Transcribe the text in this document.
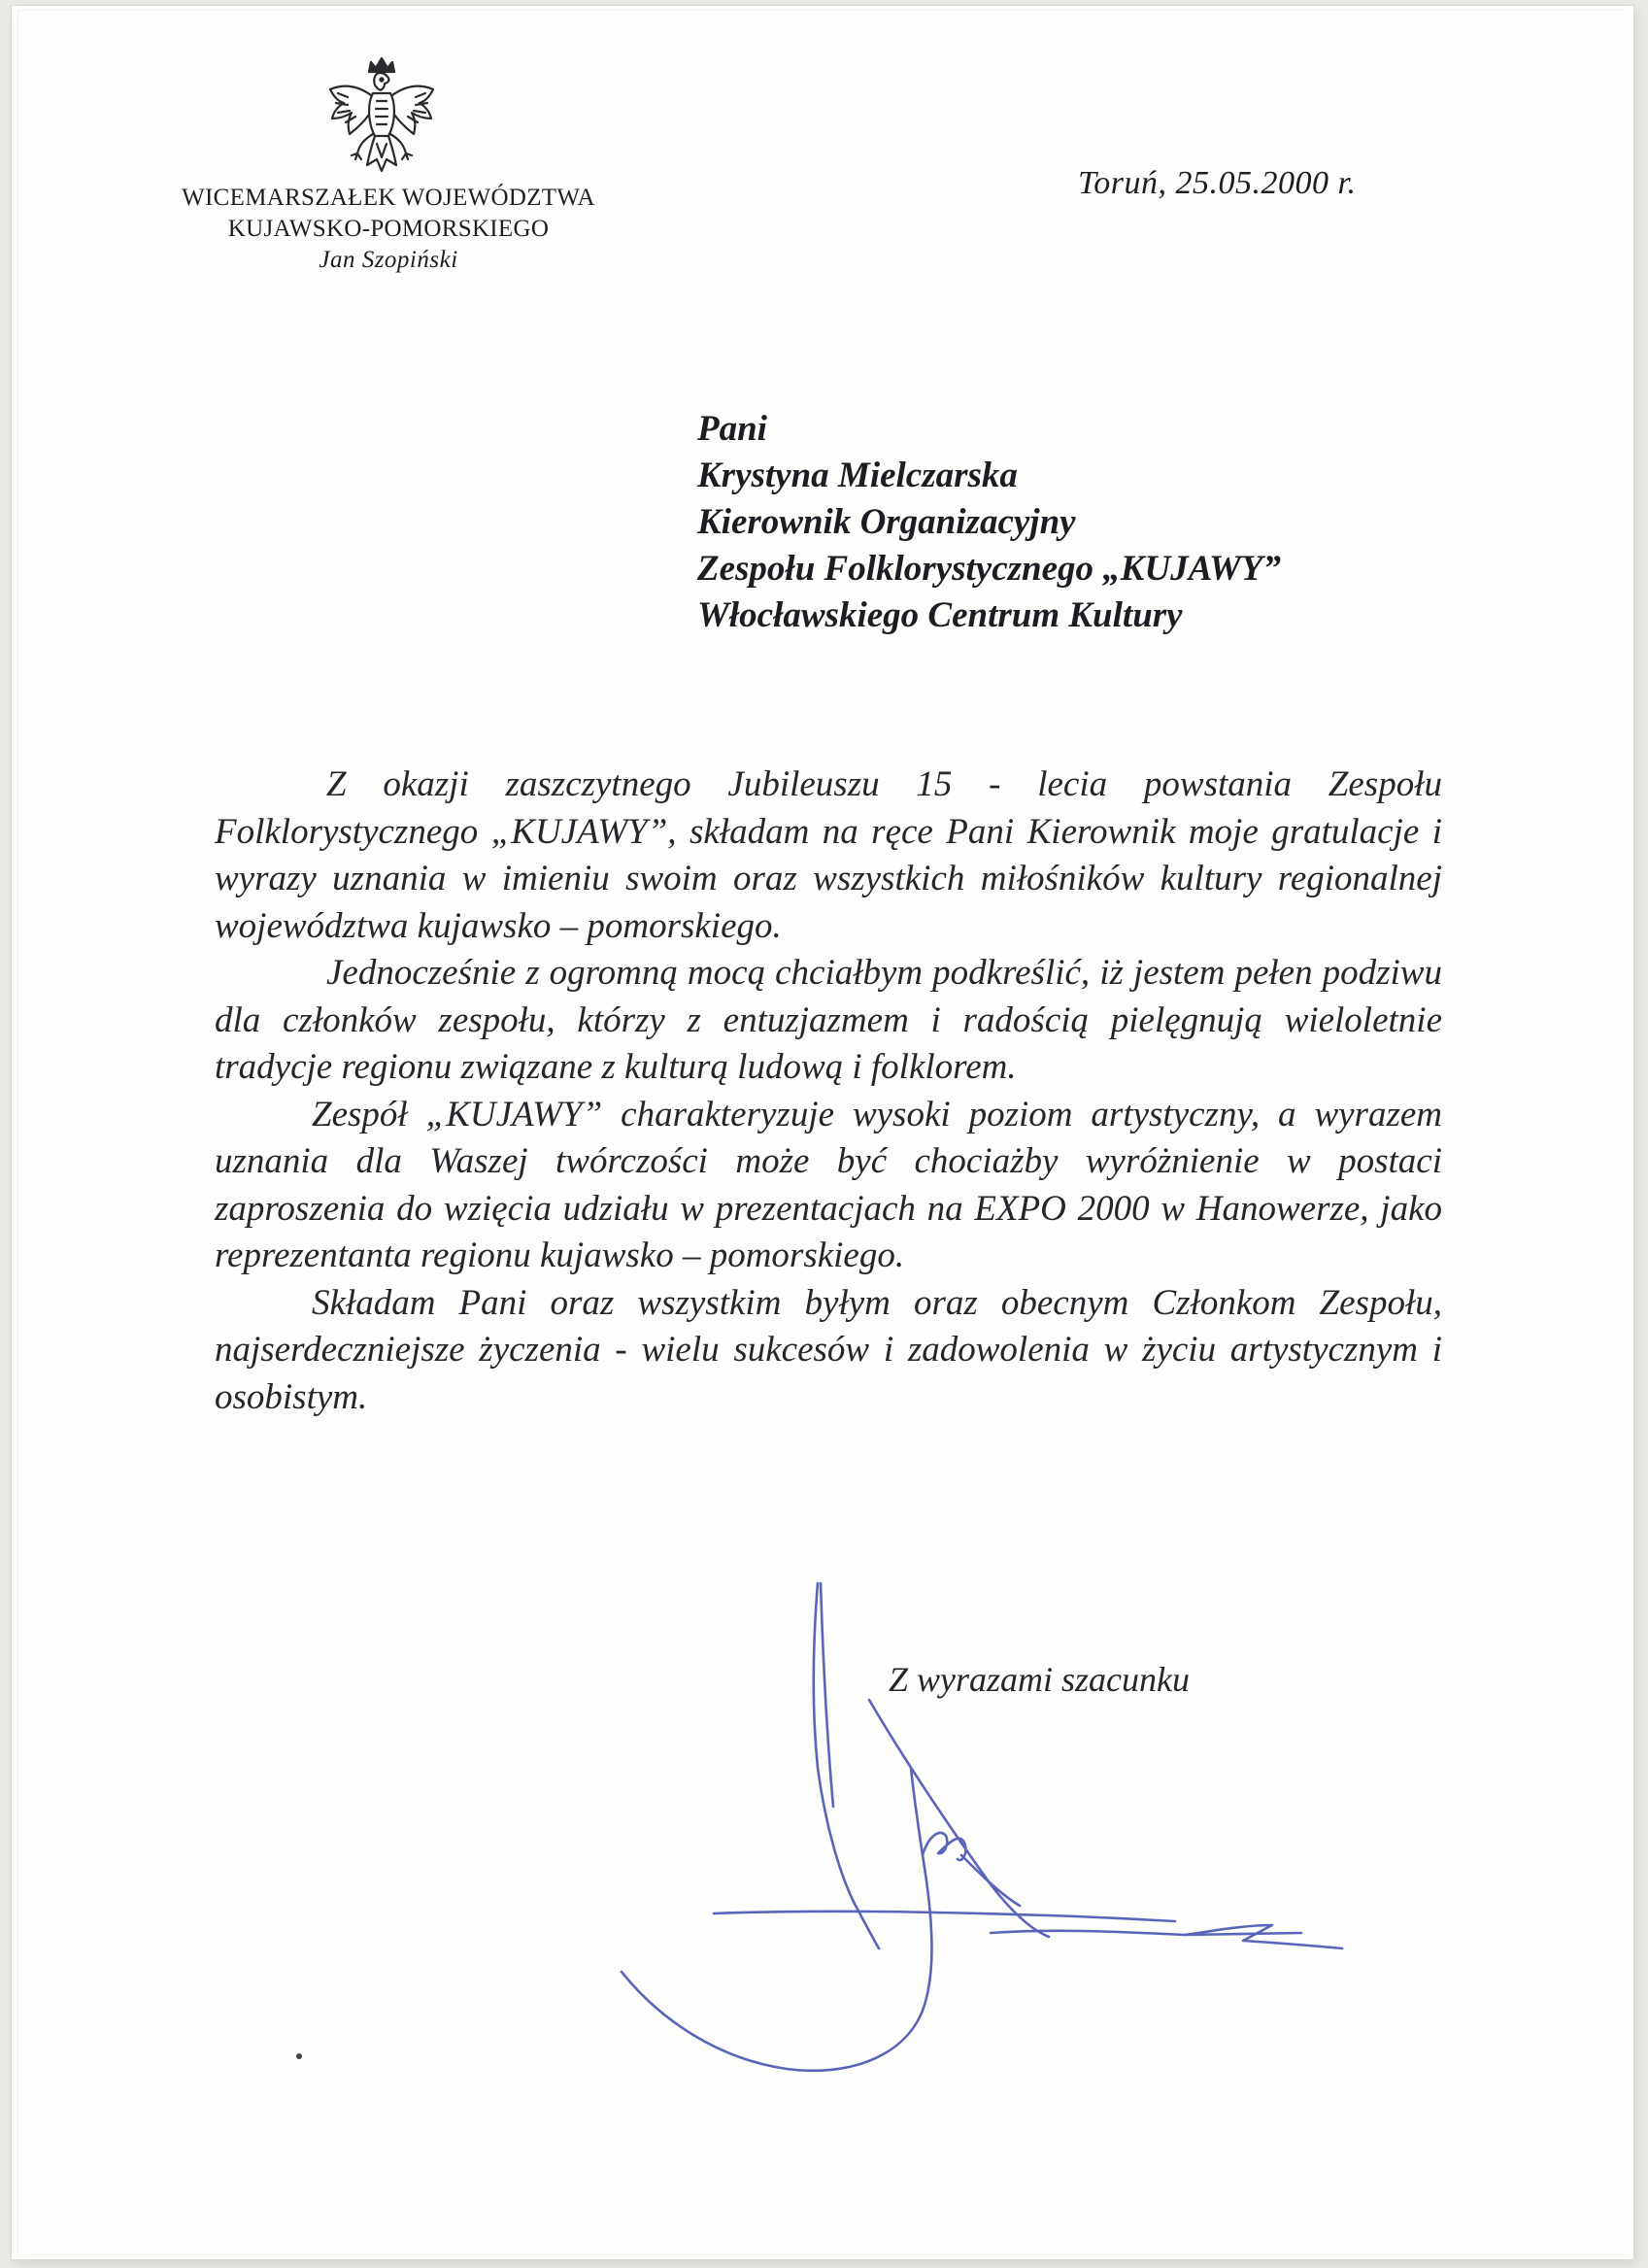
WICEMARSZAŁEK WOJEWÓDZTWA
KUJAWSKO-POMORSKIEGO
Jan Szopiński
Toruń, 25.05.2000 r.
Pani
Krystyna Mielczarska
Kierownik Organizacyjny
Zespołu Folklorystycznego „KUJAWY”
Włocławskiego Centrum Kultury

Z okazji zaszczytnego Jubileuszu 15 - lecia powstania Zespołu Folklorystycznego „KUJAWY”, składam na ręce Pani Kierownik moje gratulacje i wyrazy uznania w imieniu swoim oraz wszystkich miłośników kultury regionalnej województwa kujawsko – pomorskiego.

Jednocześnie z ogromną mocą chciałbym podkreślić, iż jestem pełen podziwu dla członków zespołu, którzy z entuzjazmem i radością pielęgnują wieloletnie tradycje regionu związane z kulturą ludową i folklorem.

Zespół „KUJAWY” charakteryzuje wysoki poziom artystyczny, a wyrazem uznania dla Waszej twórczości może być chociażby wyróżnienie w postaci zaproszenia do wzięcia udziału w prezentacjach na EXPO 2000 w Hanowerze, jako reprezentanta regionu kujawsko – pomorskiego.

Składam Pani oraz wszystkim byłym oraz obecnym Członkom Zespołu, najserdeczniejsze życzenia - wielu sukcesów i zadowolenia w życiu artystycznym i osobistym.

Z wyrazami szacunku
